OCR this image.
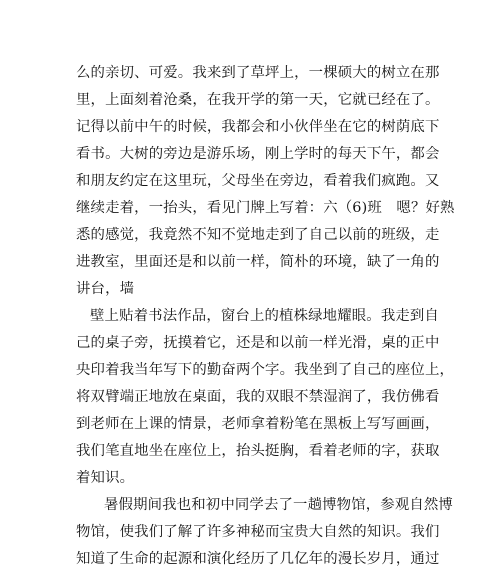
么的亲切、可爱。我来到了草坪上，一棵硕大的树立在那
里，上面刻着沧桑，在我开学的第一天，它就已经在了。
记得以前中午的时候，我都会和小伙伴坐在它的树荫底下
看书。大树的旁边是游乐场，刚上学时的每天下午，都会
和朋友约定在这里玩，父母坐在旁边，看着我们疯跑。又
继续走着，一抬头，看见门牌上写着：六（6)班　嗯？好熟
悉的感觉，我竟然不知不觉地走到了自己以前的班级，走
进教室，里面还是和以前一样，简朴的环境，缺了一角的
讲台，墙
壁上贴着书法作品，窗台上的植株绿地耀眼。我走到自
己的桌子旁，抚摸着它，还是和以前一样光滑，桌的正中
央印着我当年写下的勤奋两个字。我坐到了自己的座位上，
将双臂端正地放在桌面，我的双眼不禁湿润了，我仿佛看
到老师在上课的情景，老师拿着粉笔在黑板上写写画画，
我们笔直地坐在座位上，抬头挺胸，看着老师的字，获取
着知识。
暑假期间我也和初中同学去了一趟博物馆，参观自然博
物馆，使我们了解了许多神秘而宝贵大自然的知识。我们
知道了生命的起源和演化经历了几亿年的漫长岁月，通过
